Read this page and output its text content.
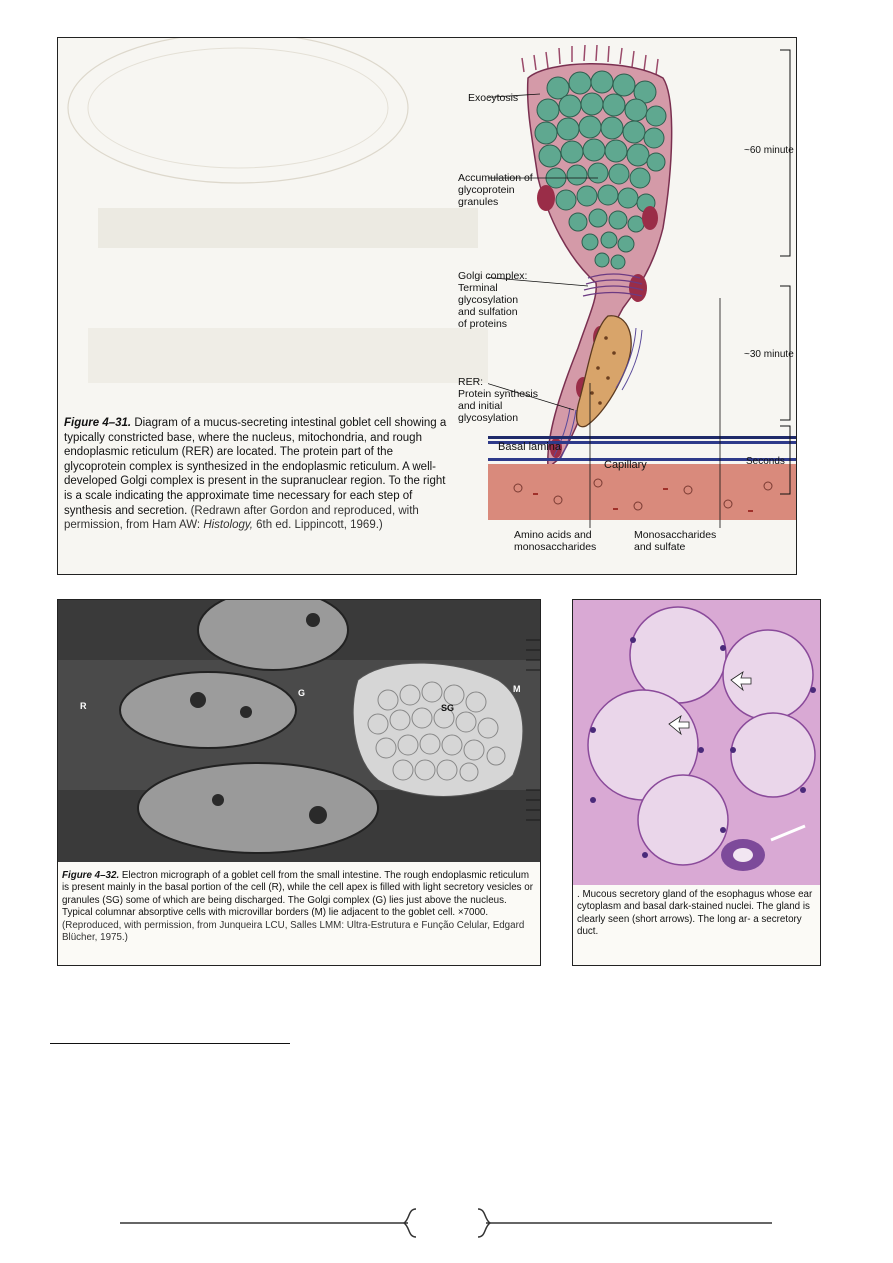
Exocytosis
Accumulation of
glycoprotein
granules
Golgi complex:
Terminal
glycosylation
and sulfation
of proteins
RER:
Protein synthesis
and initial
glycosylation
Basal lamina
Capillary
Amino acids and
monosaccharides
Monosaccharides
and sulfate
~60 minute
~30 minute
Seconds
Figure 4–31. Diagram of a mucus-secreting intestinal goblet cell showing a typically constricted base, where the nucleus, mitochondria, and rough endoplasmic reticulum (RER) are located. The protein part of the glycoprotein complex is synthesized in the endoplasmic reticulum. A well-developed Golgi complex is present in the supranuclear region. To the right is a scale indicating the approximate time necessary for each step of synthesis and secretion. (Redrawn after Gordon and reproduced, with permission, from Ham AW: Histology, 6th ed. Lippincott, 1969.)
R
G
SG
M
Figure 4–32. Electron micrograph of a goblet cell from the small intestine. The rough endoplasmic reticulum is present mainly in the basal portion of the cell (R), while the cell apex is filled with light secretory vesicles or granules (SG) some of which are being discharged. The Golgi complex (G) lies just above the nucleus. Typical columnar absorptive cells with microvillar borders (M) lie adjacent to the goblet cell. ×7000. (Reproduced, with permission, from Junqueira LCU, Salles LMM: Ultra-Estrutura e Função Celular, Edgard Blücher, 1975.)
. Mucous secretory gland of the esophagus whose ear cytoplasm and basal dark-stained nuclei. The gland is clearly seen (short arrows). The long ar- a secretory duct.
